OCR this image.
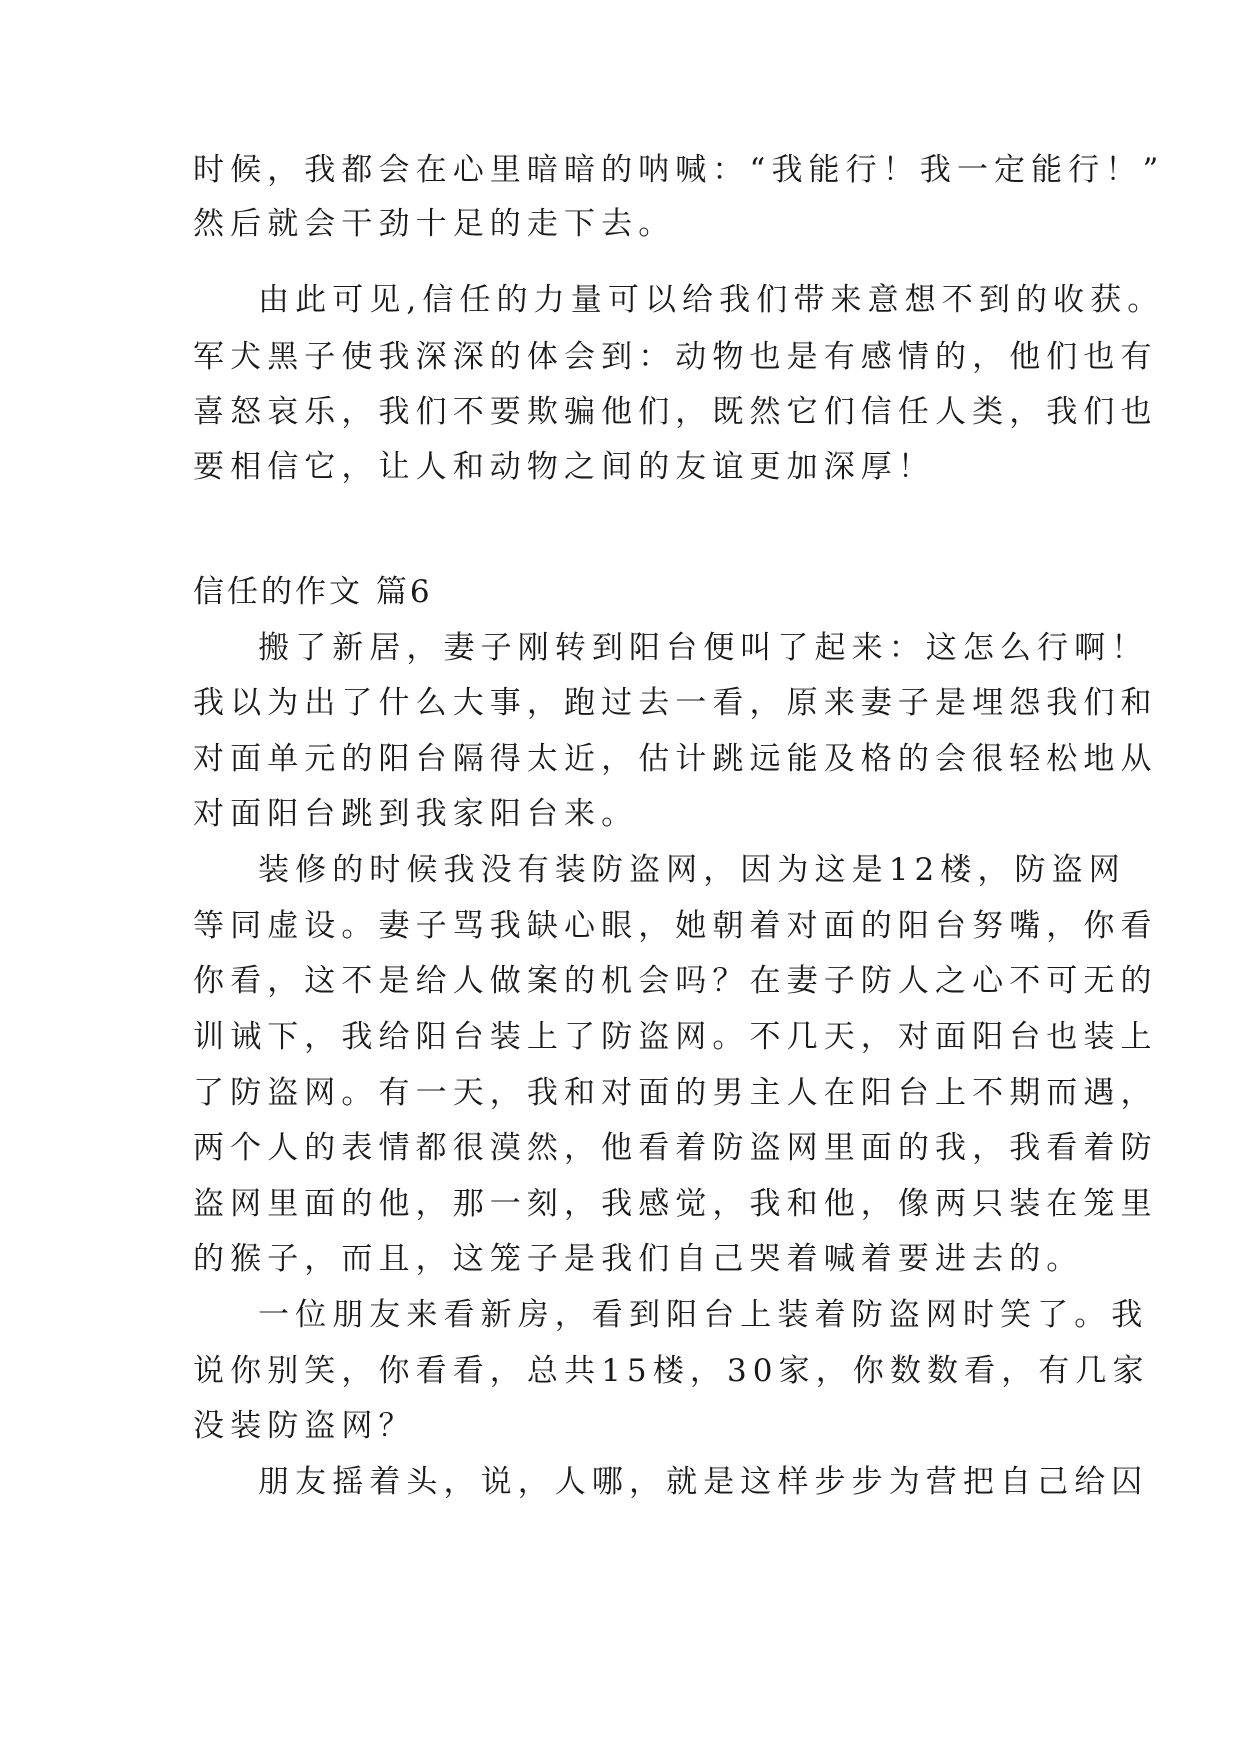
时候，我都会在心里暗暗的呐喊：“我能行！我一定能行！”
然后就会干劲十足的走下去。
由此可见,信任的力量可以给我们带来意想不到的收获。
军犬黑子使我深深的体会到：动物也是有感情的，他们也有
喜怒哀乐，我们不要欺骗他们，既然它们信任人类，我们也
要相信它，让人和动物之间的友谊更加深厚！
信任的作文 篇6
搬了新居，妻子刚转到阳台便叫了起来：这怎么行啊！
我以为出了什么大事，跑过去一看，原来妻子是埋怨我们和
对面单元的阳台隔得太近，估计跳远能及格的会很轻松地从
对面阳台跳到我家阳台来。
装修的时候我没有装防盗网，因为这是12楼，防盗网
等同虚设。妻子骂我缺心眼，她朝着对面的阳台努嘴，你看
你看，这不是给人做案的机会吗？在妻子防人之心不可无的
训诫下，我给阳台装上了防盗网。不几天，对面阳台也装上
了防盗网。有一天，我和对面的男主人在阳台上不期而遇，
两个人的表情都很漠然，他看着防盗网里面的我，我看着防
盗网里面的他，那一刻，我感觉，我和他，像两只装在笼里
的猴子，而且，这笼子是我们自己哭着喊着要进去的。
一位朋友来看新房，看到阳台上装着防盗网时笑了。我
说你别笑，你看看，总共15楼，30家，你数数看，有几家
没装防盗网？
朋友摇着头，说，人哪，就是这样步步为营把自己给囚
